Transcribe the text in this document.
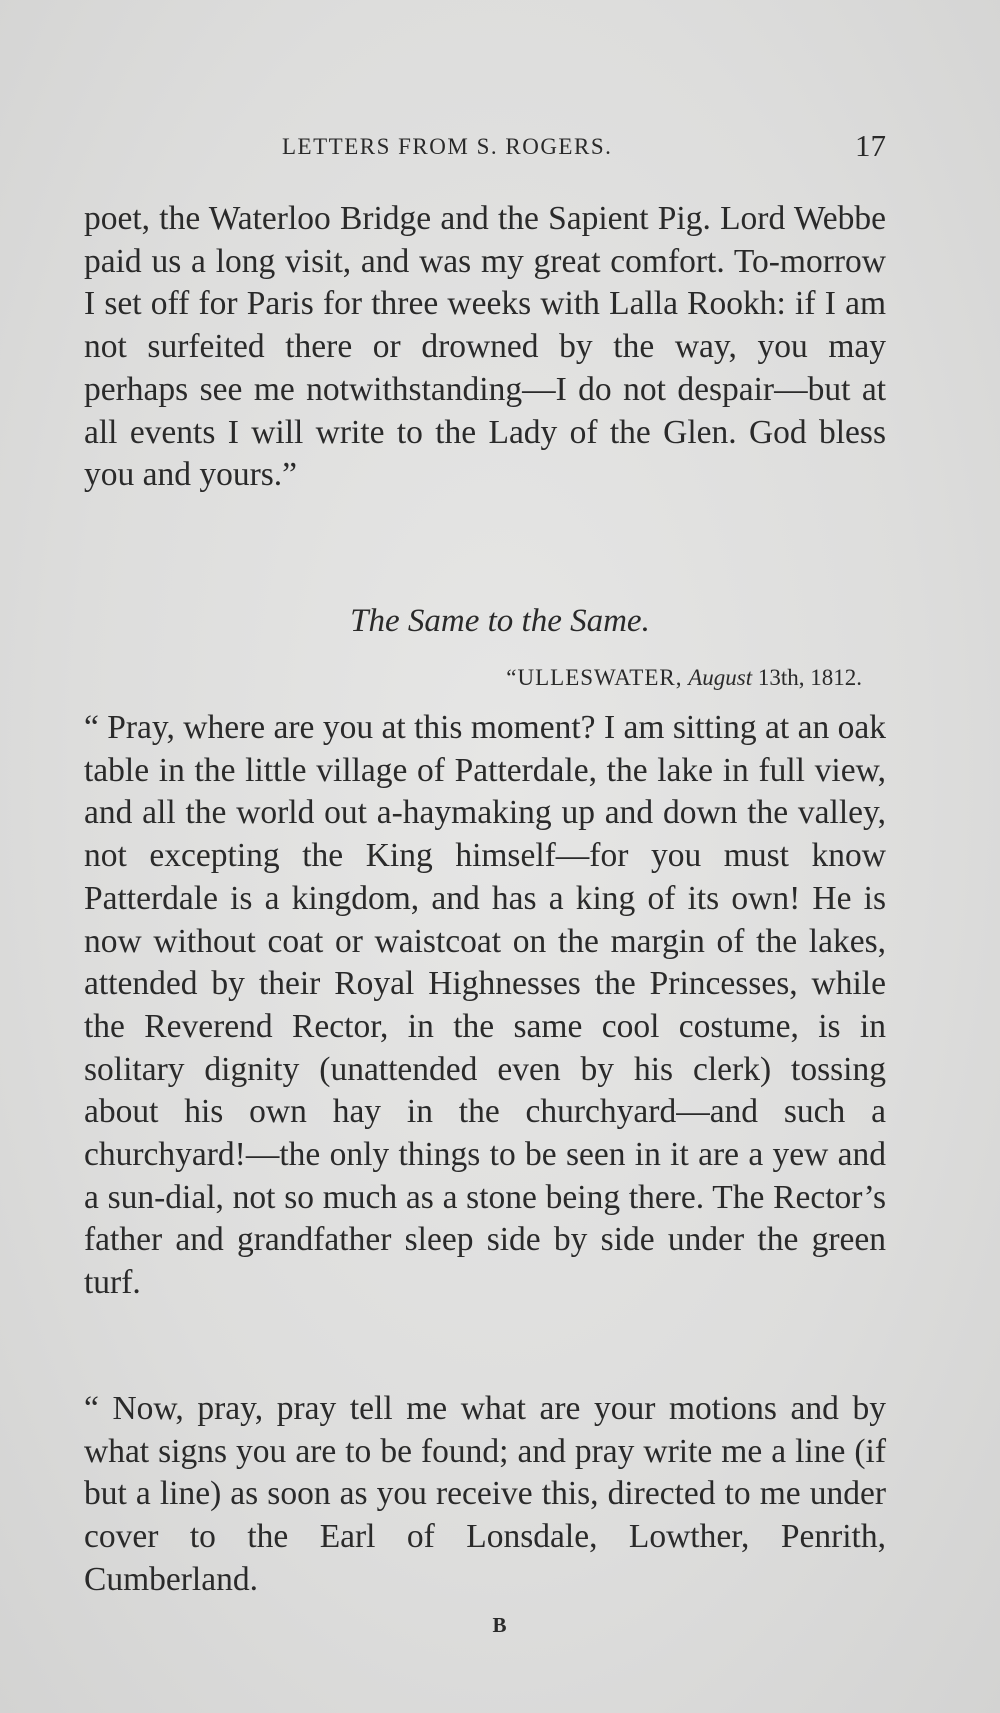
LETTERS FROM S. ROGERS.	17

poet, the Waterloo Bridge and the Sapient Pig. Lord Webbe paid us a long visit, and was my great comfort. To-morrow I set off for Paris for three weeks with Lalla Rookh: if I am not surfeited there or drowned by the way, you may perhaps see me notwithstanding—I do not despair—but at all events I will write to the Lady of the Glen. God bless you and yours.”

The Same to the Same.

“ULLESWATER, August 13th, 1812.

“ Pray, where are you at this moment? I am sitting at an oak table in the little village of Patterdale, the lake in full view, and all the world out a-haymaking up and down the valley, not excepting the King himself—for you must know Patterdale is a kingdom, and has a king of its own! He is now without coat or waistcoat on the margin of the lakes, attended by their Royal Highnesses the Princesses, while the Reverend Rector, in the same cool costume, is in solitary dignity (unattended even by his clerk) tossing about his own hay in the churchyard—and such a churchyard!—the only things to be seen in it are a yew and a sun-dial, not so much as a stone being there. The Rector’s father and grandfather sleep side by side under the green turf.

“ Now, pray, pray tell me what are your motions and by what signs you are to be found; and pray write me a line (if but a line) as soon as you receive this, directed to me under cover to the Earl of Lonsdale, Lowther, Penrith, Cumberland.

B
